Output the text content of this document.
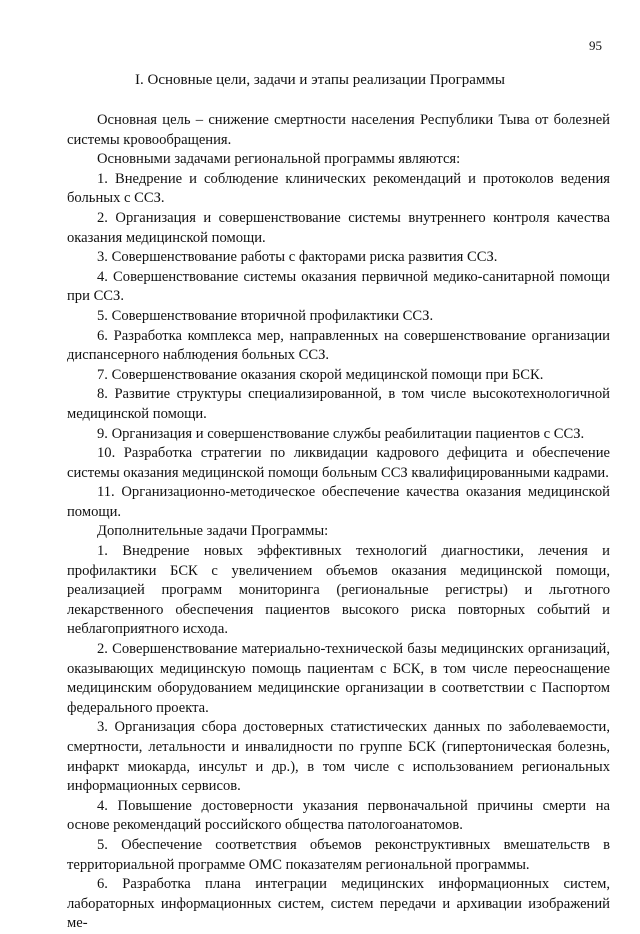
95
I. Основные цели, задачи и этапы реализации Программы

Основная цель – снижение смертности населения Республики Тыва от болезней системы кровообращения.

Основными задачами региональной программы являются:

1. Внедрение и соблюдение клинических рекомендаций и протоколов ведения больных с ССЗ.

2. Организация и совершенствование системы внутреннего контроля качества оказания медицинской помощи.

3. Совершенствование работы с факторами риска развития ССЗ.

4. Совершенствование системы оказания первичной медико-санитарной помощи при ССЗ.

5. Совершенствование вторичной профилактики ССЗ.

6. Разработка комплекса мер, направленных на совершенствование организации диспансерного наблюдения больных ССЗ.

7. Совершенствование оказания скорой медицинской помощи при БСК.

8. Развитие структуры специализированной, в том числе высокотехнологичной медицинской помощи.

9. Организация и совершенствование службы реабилитации пациентов с ССЗ.

10. Разработка стратегии по ликвидации кадрового дефицита и обеспечение системы оказания медицинской помощи больным ССЗ квалифицированными кадрами.

11. Организационно-методическое обеспечение качества оказания медицинской помощи.

Дополнительные задачи Программы:

1. Внедрение новых эффективных технологий диагностики, лечения и профилактики БСК с увеличением объемов оказания медицинской помощи, реализацией программ мониторинга (региональные регистры) и льготного лекарственного обеспечения пациентов высокого риска повторных событий и неблагоприятного исхода.

2. Совершенствование материально-технической базы медицинских организаций, оказывающих медицинскую помощь пациентам с БСК, в том числе переоснащение медицинским оборудованием медицинские организации в соответствии с Паспортом федерального проекта.

3. Организация сбора достоверных статистических данных по заболеваемости, смертности, летальности и инвалидности по группе БСК (гипертоническая болезнь, инфаркт миокарда, инсульт и др.), в том числе с использованием региональных информационных сервисов.

4. Повышение достоверности указания первоначальной причины смерти на основе рекомендаций российского общества патологоанатомов.

5. Обеспечение соответствия объемов реконструктивных вмешательств в территориальной программе ОМС показателям региональной программы.

6. Разработка плана интеграции медицинских информационных систем, лабораторных информационных систем, систем передачи и архивации изображений ме-
